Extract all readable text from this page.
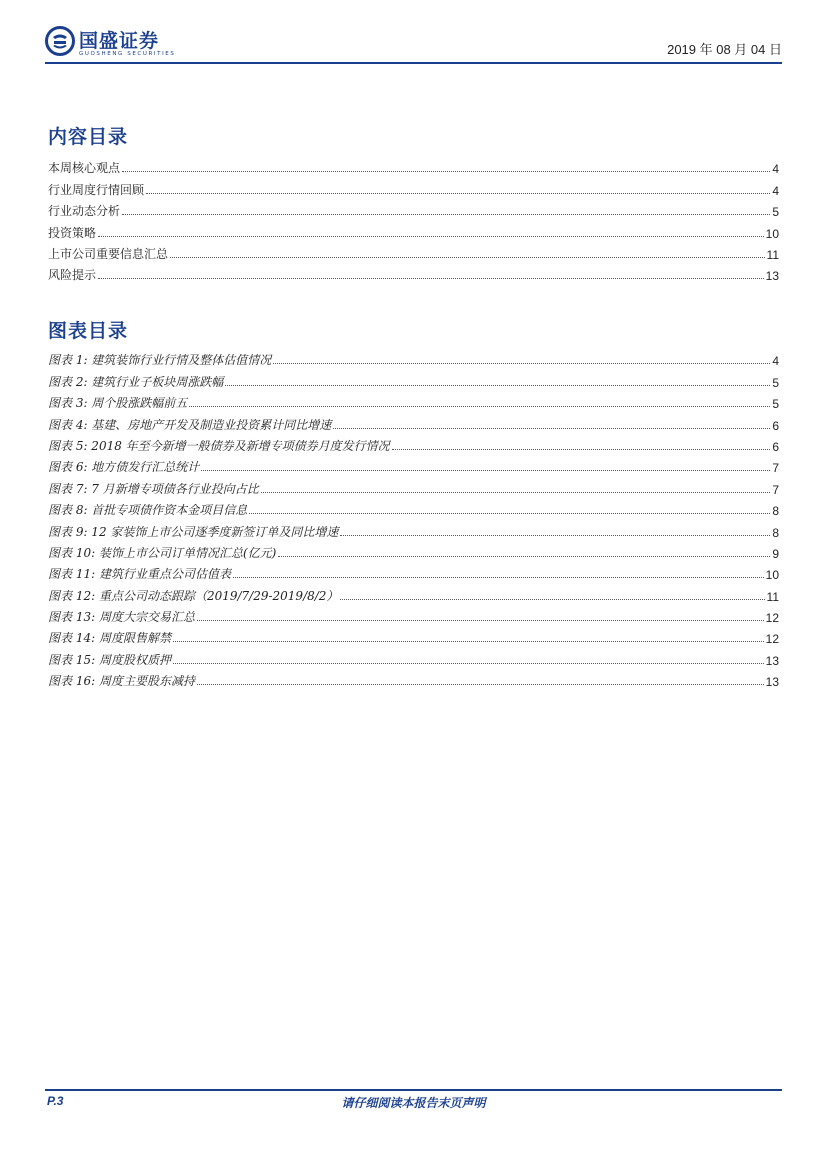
国盛证券
GUOSHENG SECURITIES	2019 年 08 月 04 日
内容目录
本周核心观点	4
行业周度行情回顾	4
行业动态分析	5
投资策略	10
上市公司重要信息汇总	11
风险提示	13
图表目录
图表 1: 建筑装饰行业行情及整体估值情况	4
图表 2: 建筑行业子板块周涨跌幅	5
图表 3: 周个股涨跌幅前五	5
图表 4: 基建、房地产开发及制造业投资累计同比增速	6
图表 5: 2018 年至今新增一般债券及新增专项债券月度发行情况	6
图表 6: 地方债发行汇总统计	7
图表 7: 7 月新增专项债各行业投向占比	7
图表 8: 首批专项债作资本金项目信息	8
图表 9: 12 家装饰上市公司逐季度新签订单及同比增速	8
图表 10: 装饰上市公司订单情况汇总(亿元)	9
图表 11: 建筑行业重点公司估值表	10
图表 12: 重点公司动态跟踪（2019/7/29-2019/8/2）	11
图表 13: 周度大宗交易汇总	12
图表 14: 周度限售解禁	12
图表 15: 周度股权质押	13
图表 16: 周度主要股东减持	13
P.3	请仔细阅读本报告末页声明
